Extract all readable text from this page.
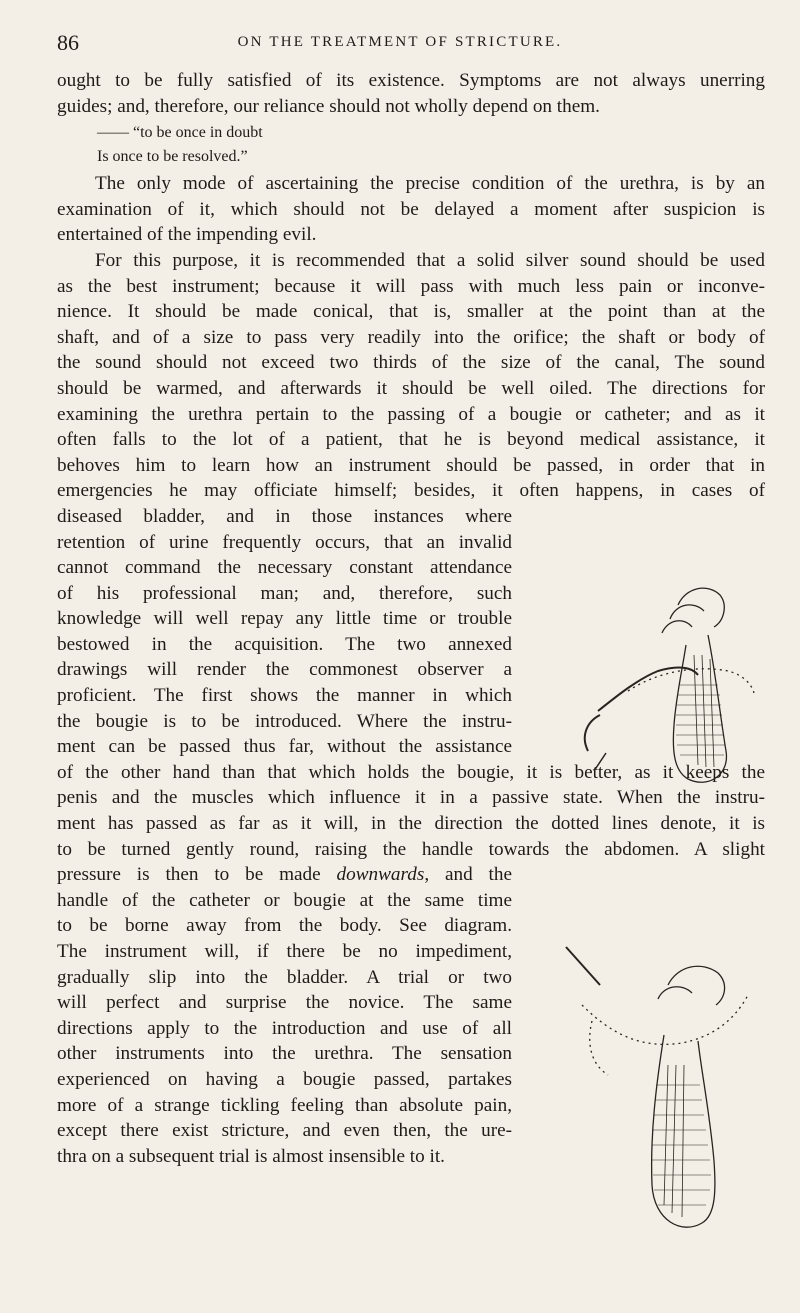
86	ON THE TREATMENT OF STRICTURE.

ought to be fully satisfied of its existence. Symptoms are not always unerring
guides; and, therefore, our reliance should not wholly depend on them.

—— “to be once in doubt
Is once to be resolved.”

The only mode of ascertaining the precise condition of the urethra, is by an
examination of it, which should not be delayed a moment after suspicion is
entertained of the impending evil.

For this purpose, it is recommended that a solid silver sound should be used
as the best instrument; because it will pass with much less pain or inconve-
nience. It should be made conical, that is, smaller at the point than at the
shaft, and of a size to pass very readily into the orifice; the shaft or body of
the sound should not exceed two thirds of the size of the canal, The sound
should be warmed, and afterwards it should be well oiled. The directions for
examining the urethra pertain to the passing of a bougie or catheter; and as it
often falls to the lot of a patient, that he is beyond medical assistance, it
behoves him to learn how an instrument should be passed, in order that in
emergencies he may officiate himself; besides, it often happens, in cases of
diseased bladder, and in those instances where
retention of urine frequently occurs, that an invalid
cannot command the necessary constant attendance
of his professional man; and, therefore, such
knowledge will well repay any little time or trouble
bestowed in the acquisition. The two annexed
drawings will render the commonest observer a
proficient. The first shows the manner in which
the bougie is to be introduced. Where the instru-
ment can be passed thus far, without the assistance
of the other hand than that which holds the bougie, it is better, as it keeps the
penis and the muscles which influence it in a passive state. When the instru-
ment has passed as far as it will, in the direction the dotted lines denote, it is
to be turned gently round, raising the handle towards the abdomen. A slight
pressure is then to be made downwards, and the
handle of the catheter or bougie at the same time
to be borne away from the body. See diagram.
The instrument will, if there be no impediment,
gradually slip into the bladder. A trial or two
will perfect and surprise the novice. The same
directions apply to the introduction and use of all
other instruments into the urethra. The sensation
experienced on having a bougie passed, partakes
more of a strange tickling feeling than absolute pain,
except there exist stricture, and even then, the ure-
thra on a subsequent trial is almost insensible to it.
